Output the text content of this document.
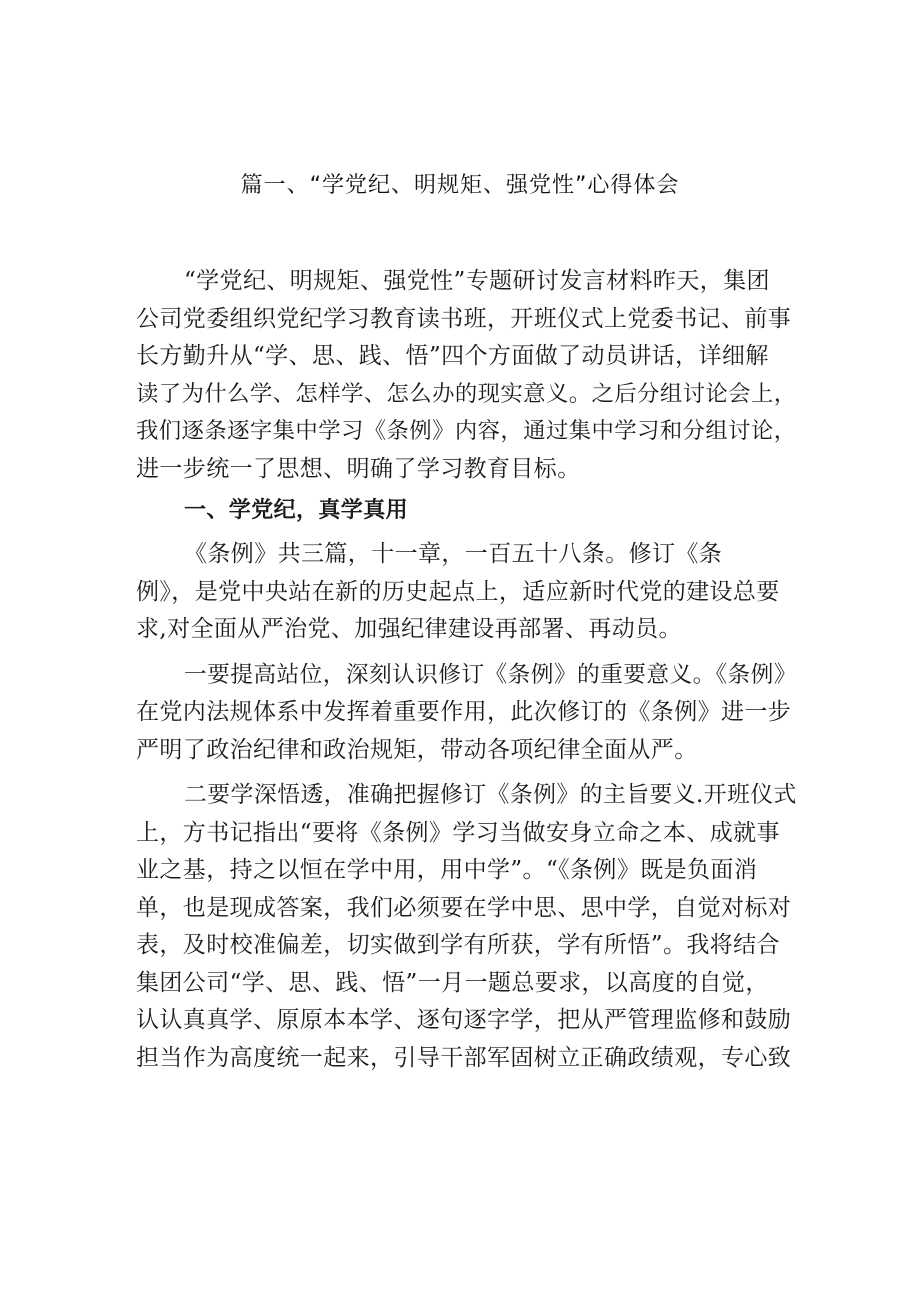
篇一、“学党纪、明规矩、强党性”心得体会
“学党纪、明规矩、强党性”专题研讨发言材料昨天，集团
公司党委组织党纪学习教育读书班，开班仪式上党委书记、前事
长方勤升从“学、思、践、悟”四个方面做了动员讲话，详细解
读了为什么学、怎样学、怎么办的现实意义。之后分组讨论会上，
我们逐条逐字集中学习《条例》内容，通过集中学习和分组讨论，
进一步统一了思想、明确了学习教育目标。
一、学党纪，真学真用
《条例》共三篇，十一章，一百五十八条。修订《条
例》，是党中央站在新的历史起点上，适应新时代党的建设总要
求,对全面从严治党、加强纪律建设再部署、再动员。
一要提高站位，深刻认识修订《条例》的重要意义。《条例》
在党内法规体系中发挥着重要作用，此次修订的《条例》进一步
严明了政治纪律和政治规矩，带动各项纪律全面从严。
二要学深悟透，准确把握修订《条例》的主旨要义.开班仪式
上，方书记指出“要将《条例》学习当做安身立命之本、成就事
业之基，持之以恒在学中用，用中学”。“《条例》既是负面消
单，也是现成答案，我们必须要在学中思、思中学，自觉对标对
表，及时校准偏差，切实做到学有所获，学有所悟”。我将结合
集团公司“学、思、践、悟”一月一题总要求，以高度的自觉，
认认真真学、原原本本学、逐句逐字学，把从严管理监修和鼓励
担当作为高度统一起来，引导干部军固树立正确政绩观，专心致
